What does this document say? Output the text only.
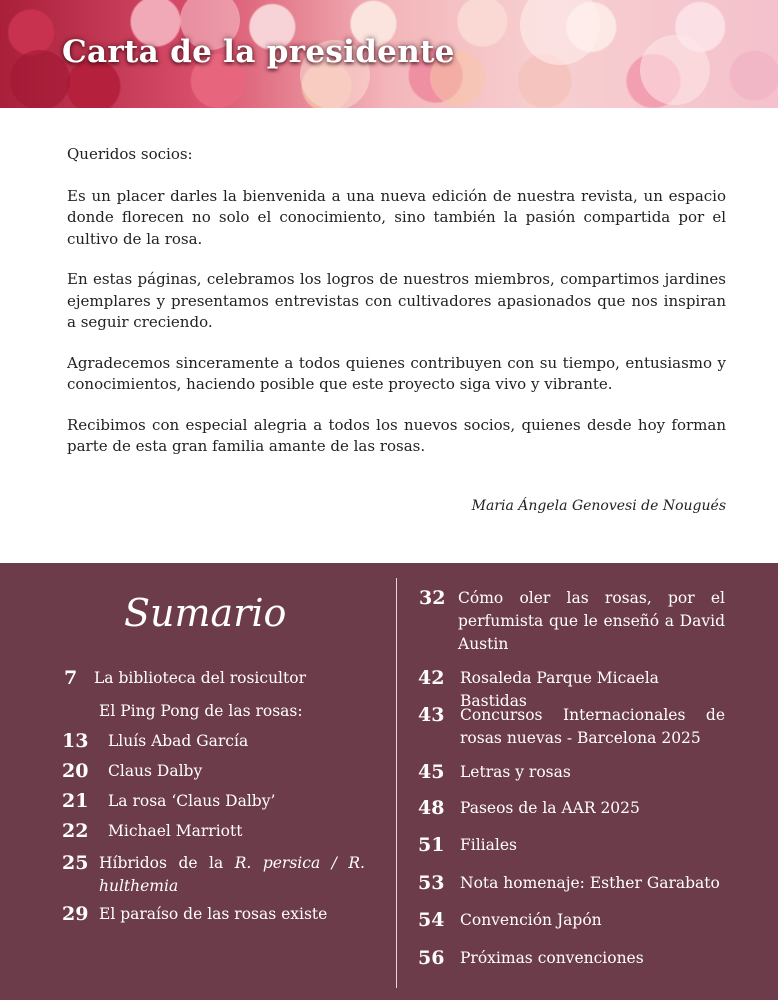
Carta de la presidente

Queridos socios:

Es un placer darles la bienvenida a una nueva edición de nuestra revista, un espacio donde florecen no solo el conocimiento, sino también la pasión compartida por el cultivo de la rosa.

En estas páginas, celebramos los logros de nuestros miembros, compartimos jardines ejemplares y presentamos entrevistas con cultivadores apasionados que nos inspiran a seguir creciendo.

Agradecemos sinceramente a todos quienes contribuyen con su tiempo, entusiasmo y conocimientos, haciendo posible que este proyecto siga vivo y vibrante.

Recibimos con especial alegria a todos los nuevos socios, quienes desde hoy forman parte de esta gran familia amante de las rosas.

Maria Ángela Genovesi de Nougués
Sumario
7	La biblioteca del rosicultor
El Ping Pong de las rosas:
13	Lluís Abad García
20	Claus Dalby
21	La rosa ‘Claus Dalby’
22	Michael Marriott
25 Híbridos de la R. persica / R. hulthemia
29 El paraíso de las rosas existe
32 Cómo oler las rosas, por el perfumista que le enseñó a David Austin
42	Rosaleda Parque Micaela Bastidas
43	Concursos Internacionales de rosas nuevas - Barcelona 2025
45	Letras y rosas
48	Paseos de la AAR 2025
51	Filiales
53	Nota homenaje: Esther Garabato
54	Convención Japón
56	Próximas convenciones
